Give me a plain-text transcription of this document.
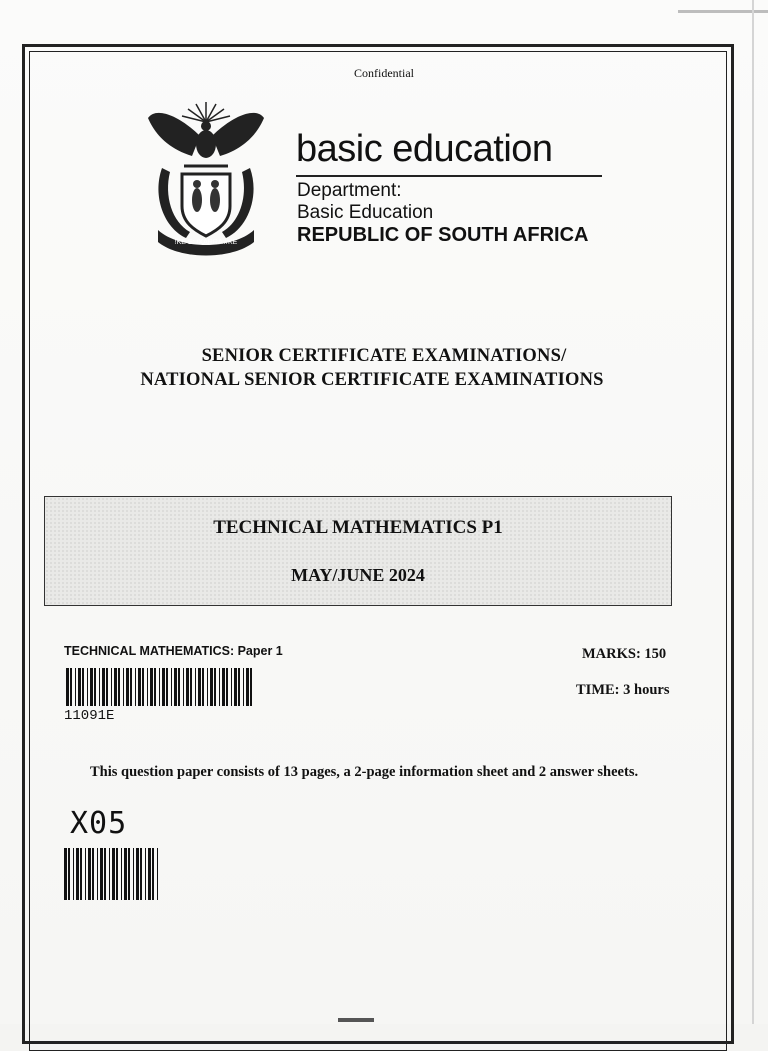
Confidential
!KE E: /XARRA //KE
basic education
Department:
Basic Education
REPUBLIC OF SOUTH AFRICA
SENIOR CERTIFICATE EXAMINATIONS/
NATIONAL SENIOR CERTIFICATE EXAMINATIONS
TECHNICAL MATHEMATICS P1
MAY/JUNE 2024
TECHNICAL MATHEMATICS: Paper 1	MARKS: 150
TIME: 3 hours
11091E
This question paper consists of 13 pages, a 2-page information sheet and 2 answer sheets.
X05
